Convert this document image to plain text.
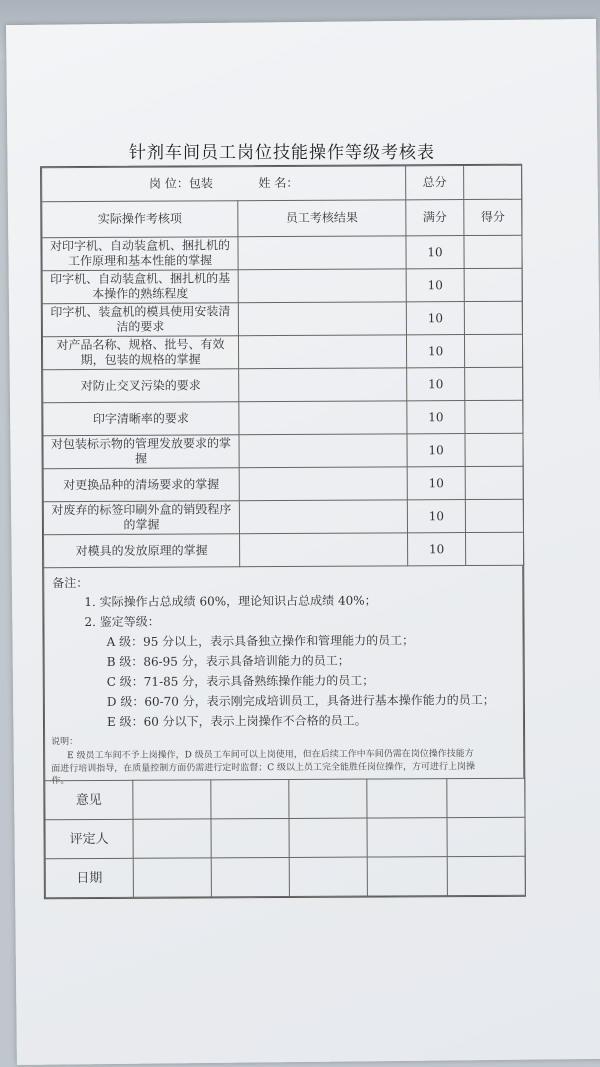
针剂车间员工岗位技能操作等级考核表
岗 位：包装 姓 名：		总分	
实际操作考核项	员工考核结果	满分	得分
对印字机、自动装盒机、捆扎机的工作原理和基本性能的掌握		10	
印字机、自动装盒机、捆扎机的基本操作的熟练程度		10	
印字机、装盒机的模具使用安装清洁的要求		10	
对产品名称、规格、批号、有效期，包装的规格的掌握		10	
对防止交叉污染的要求		10	
印字清晰率的要求		10	
对包装标示物的管理发放要求的掌握		10	
对更换品种的清场要求的掌握		10	
对废弃的标签印刷外盒的销毁程序的掌握		10	
对模具的发放原理的掌握		10	
备注：
1. 实际操作占总成绩 60%，理论知识占总成绩 40%；
2. 鉴定等级：
A 级：95 分以上，表示具备独立操作和管理能力的员工；
B 级：86-95 分，表示具备培训能力的员工；
C 级：71-85 分，表示具备熟练操作能力的员工；
D 级：60-70 分，表示刚完成培训员工，具备进行基本操作能力的员工；
E 级：60 分以下，表示上岗操作不合格的员工。
说明：
E 级员工车间不予上岗操作，D 级员工车间可以上岗使用，但在后续工作中车间仍需在岗位操作技能方
面进行培训指导，在质量控制方面仍需进行定时监督；C 级以上员工完全能胜任岗位操作，方可进行上岗操
作。
意见					
评定人					
日期					
